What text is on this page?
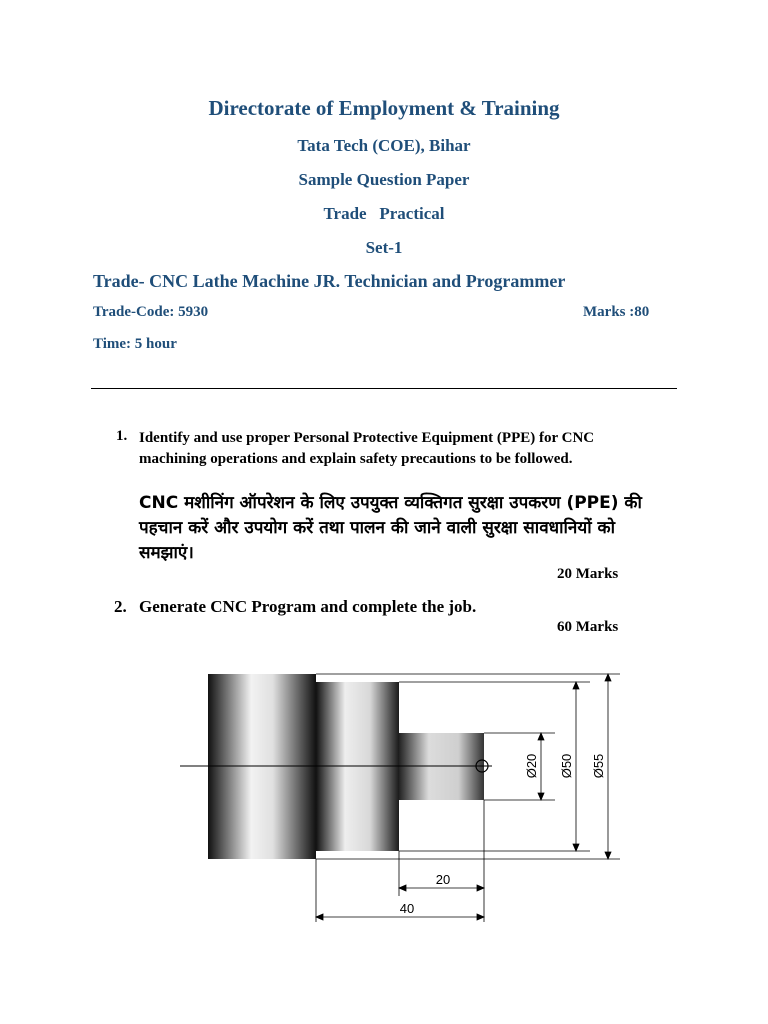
Directorate of Employment & Training
Tata Tech (COE), Bihar
Sample Question Paper
Trade   Practical
Set-1
Trade- CNC Lathe Machine JR. Technician and Programmer
Trade-Code: 5930	Marks :80
Time: 5 hour
1. Identify and use proper Personal Protective Equipment (PPE) for CNC machining operations and explain safety precautions to be followed.
CNC मशीनिंग ऑपरेशन के लिए उपयुक्त व्यक्तिगत सुरक्षा उपकरण (PPE) की पहचान करें और उपयोग करें तथा पालन की जाने वाली सुरक्षा सावधानियों को समझाएं।
20 Marks
2. Generate CNC Program and complete the job.
60 Marks
Ø20 Ø50 Ø55
20
40
